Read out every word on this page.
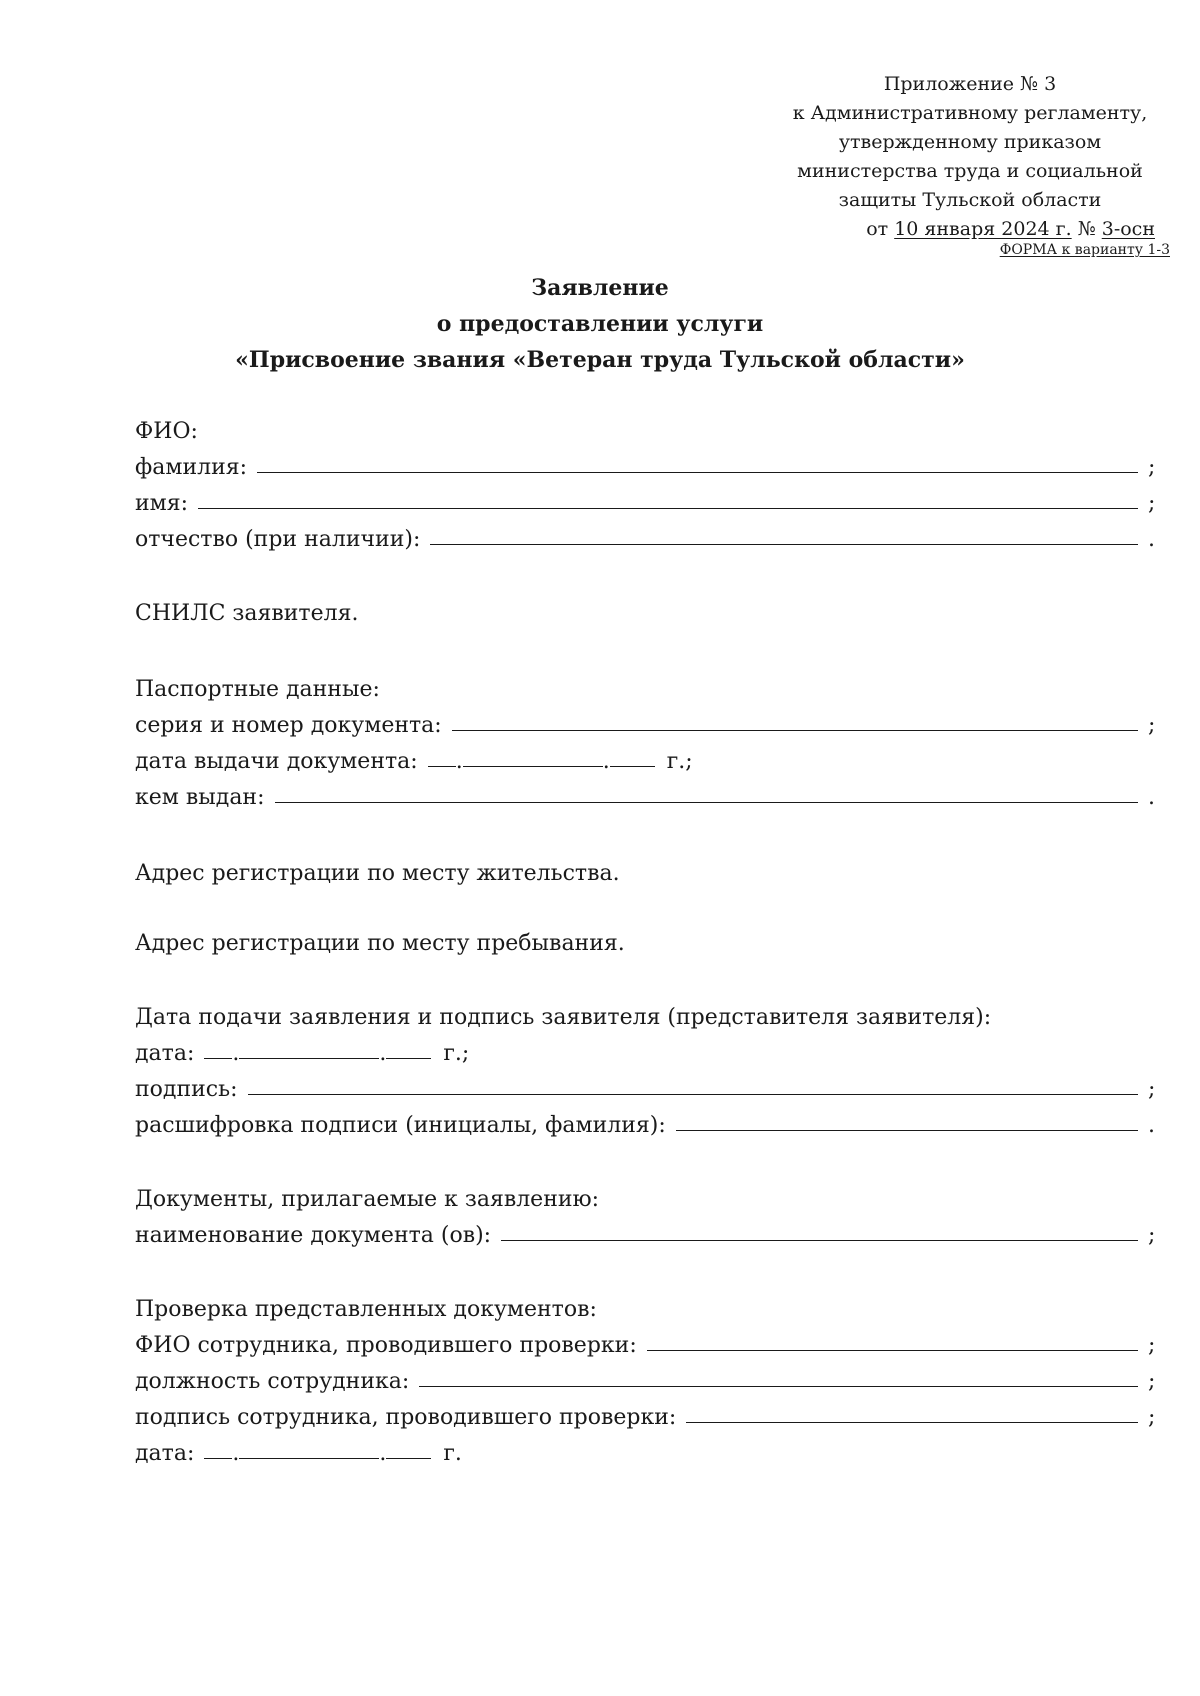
Приложение № 3
к Административному регламенту,
утвержденному приказом
министерства труда и социальной
защиты Тульской области
от 10 января 2024 г. № 3-осн
ФОРМА к варианту 1-3
Заявление
о предоставлении услуги
«Присвоение звания «Ветеран труда Тульской области»
ФИО:
фамилия:	;
имя:	;
отчество (при наличии):	.
СНИЛС заявителя.
Паспортные данные:
серия и номер документа:	;
дата выдачи документа:	.	.	г.;
кем выдан:	.
Адрес регистрации по месту жительства.
Адрес регистрации по месту пребывания.
Дата подачи заявления и подпись заявителя (представителя заявителя):
дата:	.	.	г.;
подпись:	;
расшифровка подписи (инициалы, фамилия):	.
Документы, прилагаемые к заявлению:
наименование документа (ов):	;
Проверка представленных документов:
ФИО сотрудника, проводившего проверки:	;
должность сотрудника:	;
подпись сотрудника, проводившего проверки:	;
дата:	.	.	г.
